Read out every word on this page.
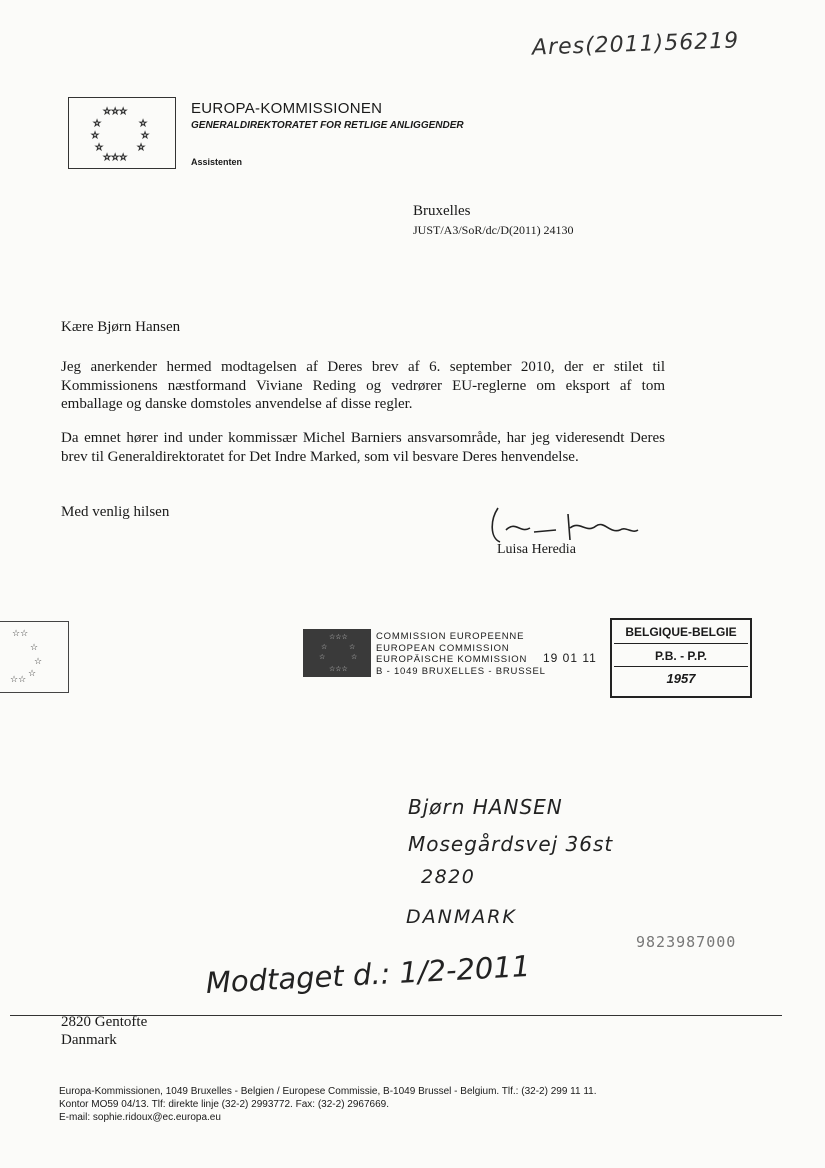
Ares(2011)56219
☆☆☆
☆	☆
☆	☆
☆	☆
☆☆☆
EUROPA-KOMMISSIONEN
GENERALDIREKTORATET FOR RETLIGE ANLIGGENDER
Assistenten
Bruxelles
JUST/A3/SoR/dc/D(2011) 24130
Kære Bjørn Hansen
Jeg anerkender hermed modtagelsen af Deres brev af 6. september 2010, der er stilet til Kommissionens næstformand Viviane Reding og vedrører EU-reglerne om eksport af tom emballage og danske domstoles anvendelse af disse regler.
Da emnet hører ind under kommissær Michel Barniers ansvarsområde, har jeg videresendt Deres brev til Generaldirektoratet for Det Indre Marked, som vil besvare Deres henvendelse.
Med venlig hilsen
Luisa Heredia
☆☆
☆
☆
☆
☆☆
☆☆☆
☆	☆
☆	☆
☆☆☆
COMMISSION EUROPEENNE
EUROPEAN COMMISSION
EUROPÄISCHE KOMMISSION
B - 1049 BRUXELLES - BRUSSEL
19 01 11
BELGIQUE-BELGIE
P.B. - P.P.
1957
Bjørn HANSEN
Mosegårdsvej 36st
2820
DANMARK
9823987000
Modtaget d.: 1/2-2011
2820 Gentofte
Danmark
Europa-Kommissionen, 1049 Bruxelles - Belgien / Europese Commissie, B-1049 Brussel - Belgium. Tlf.: (32-2) 299 11 11.
Kontor MO59 04/13. Tlf: direkte linje (32-2) 2993772. Fax: (32-2) 2967669.
E-mail: sophie.ridoux@ec.europa.eu
